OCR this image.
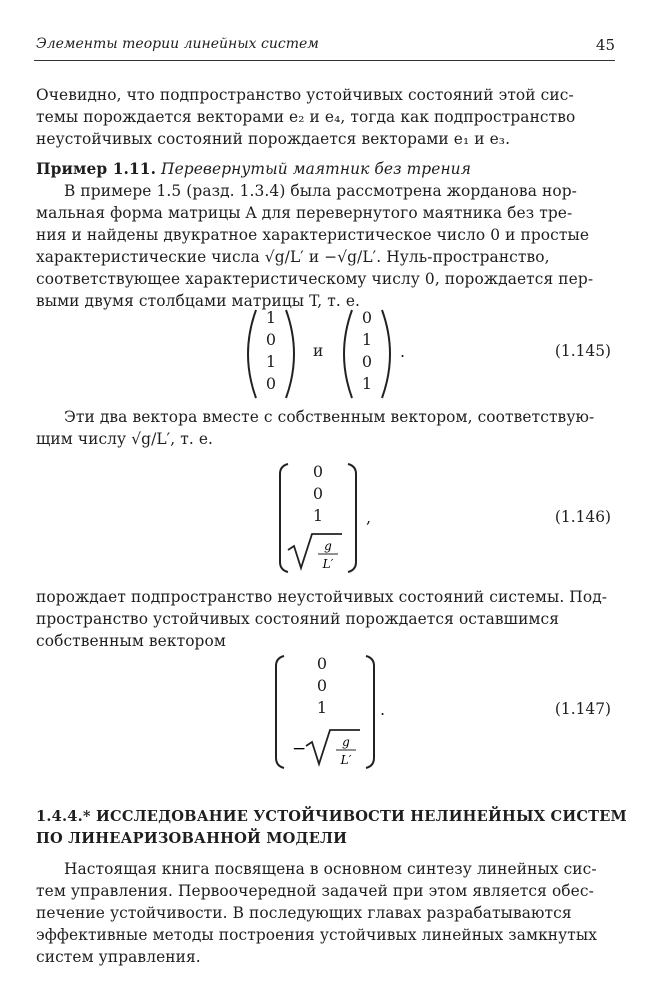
Элементы теории линейных систем	45
Очевидно, что подпространство устойчивых состояний этой сис-
темы порождается векторами e₂ и e₄, тогда как подпространство
неустойчивых состояний порождается векторами e₁ и e₃.
Пример 1.11. Перевернутый маятник без трения
В примере 1.5 (разд. 1.3.4) была рассмотрена жорданова нор-
мальная форма матрицы A для перевернутого маятника без тре-
ния и найдены двукратное характеристическое число 0 и простые
характеристические числа √g/L′ и −√g/L′. Нуль-пространство,
соответствующее характеристическому числу 0, порождается пер-
выми двумя столбцами матрицы T, т. е.
1
0
1
0
и
0
1
0
1
.	(1.145)
Эти два вектора вместе с собственным вектором, соответствую-
щим числу √g/L′, т. е.
g
L′
0
0
1	,	(1.146)
порождает подпространство неустойчивых состояний системы. Под-
пространство устойчивых состояний порождается оставшимся
собственным вектором
−	g
L′
0
0
1	.	(1.147)
1.4.4.* ИССЛЕДОВАНИЕ УСТОЙЧИВОСТИ НЕЛИНЕЙНЫХ СИСТЕМ
ПО ЛИНЕАРИЗОВАННОЙ МОДЕЛИ
Настоящая книга посвящена в основном синтезу линейных сис-
тем управления. Первоочередной задачей при этом является обес-
печение устойчивости. В последующих главах разрабатываются
эффективные методы построения устойчивых линейных замкнутых
систем управления.
